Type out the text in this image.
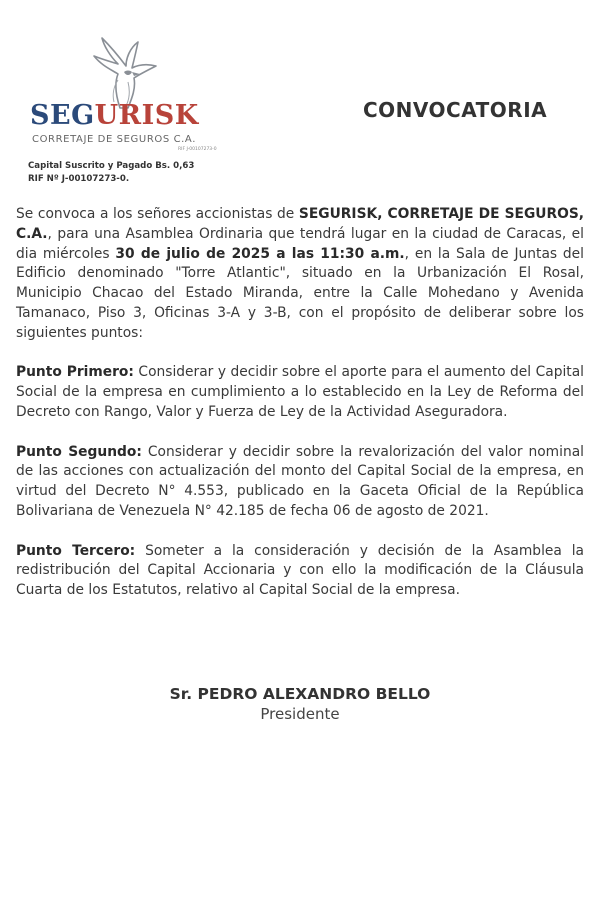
SEGURISK
CORRETAJE DE SEGUROS C.A.
RIF J-00107273-0
Capital Suscrito y Pagado Bs. 0,63
RIF Nº J-00107273-0.
CONVOCATORIA

Se convoca a los señores accionistas de SEGURISK, CORRETAJE DE SEGUROS, C.A., para una Asamblea Ordinaria que tendrá lugar en la ciudad de Caracas, el dia miércoles 30 de julio de 2025 a las 11:30 a.m., en la Sala de Juntas del Edificio denominado "Torre Atlantic", situado en la Urbanización El Rosal, Municipio Chacao del Estado Miranda, entre la Calle Mohedano y Avenida Tamanaco, Piso 3, Oficinas 3-A y 3-B, con el propósito de deliberar sobre los siguientes puntos:

Punto Primero: Considerar y decidir sobre el aporte para el aumento del Capital Social de la empresa en cumplimiento a lo establecido en la Ley de Reforma del Decreto con Rango, Valor y Fuerza de Ley de la Actividad Aseguradora.

Punto Segundo: Considerar y decidir sobre la revalorización del valor nominal de las acciones con actualización del monto del Capital Social de la empresa, en virtud del Decreto N° 4.553, publicado en la Gaceta Oficial de la República Bolivariana de Venezuela N° 42.185 de fecha 06 de agosto de 2021.

Punto Tercero: Someter a la consideración y decisión de la Asamblea la redistribución del Capital Accionaria y con ello la modificación de la Cláusula Cuarta de los Estatutos, relativo al Capital Social de la empresa.

Sr. PEDRO ALEXANDRO BELLO
Presidente
